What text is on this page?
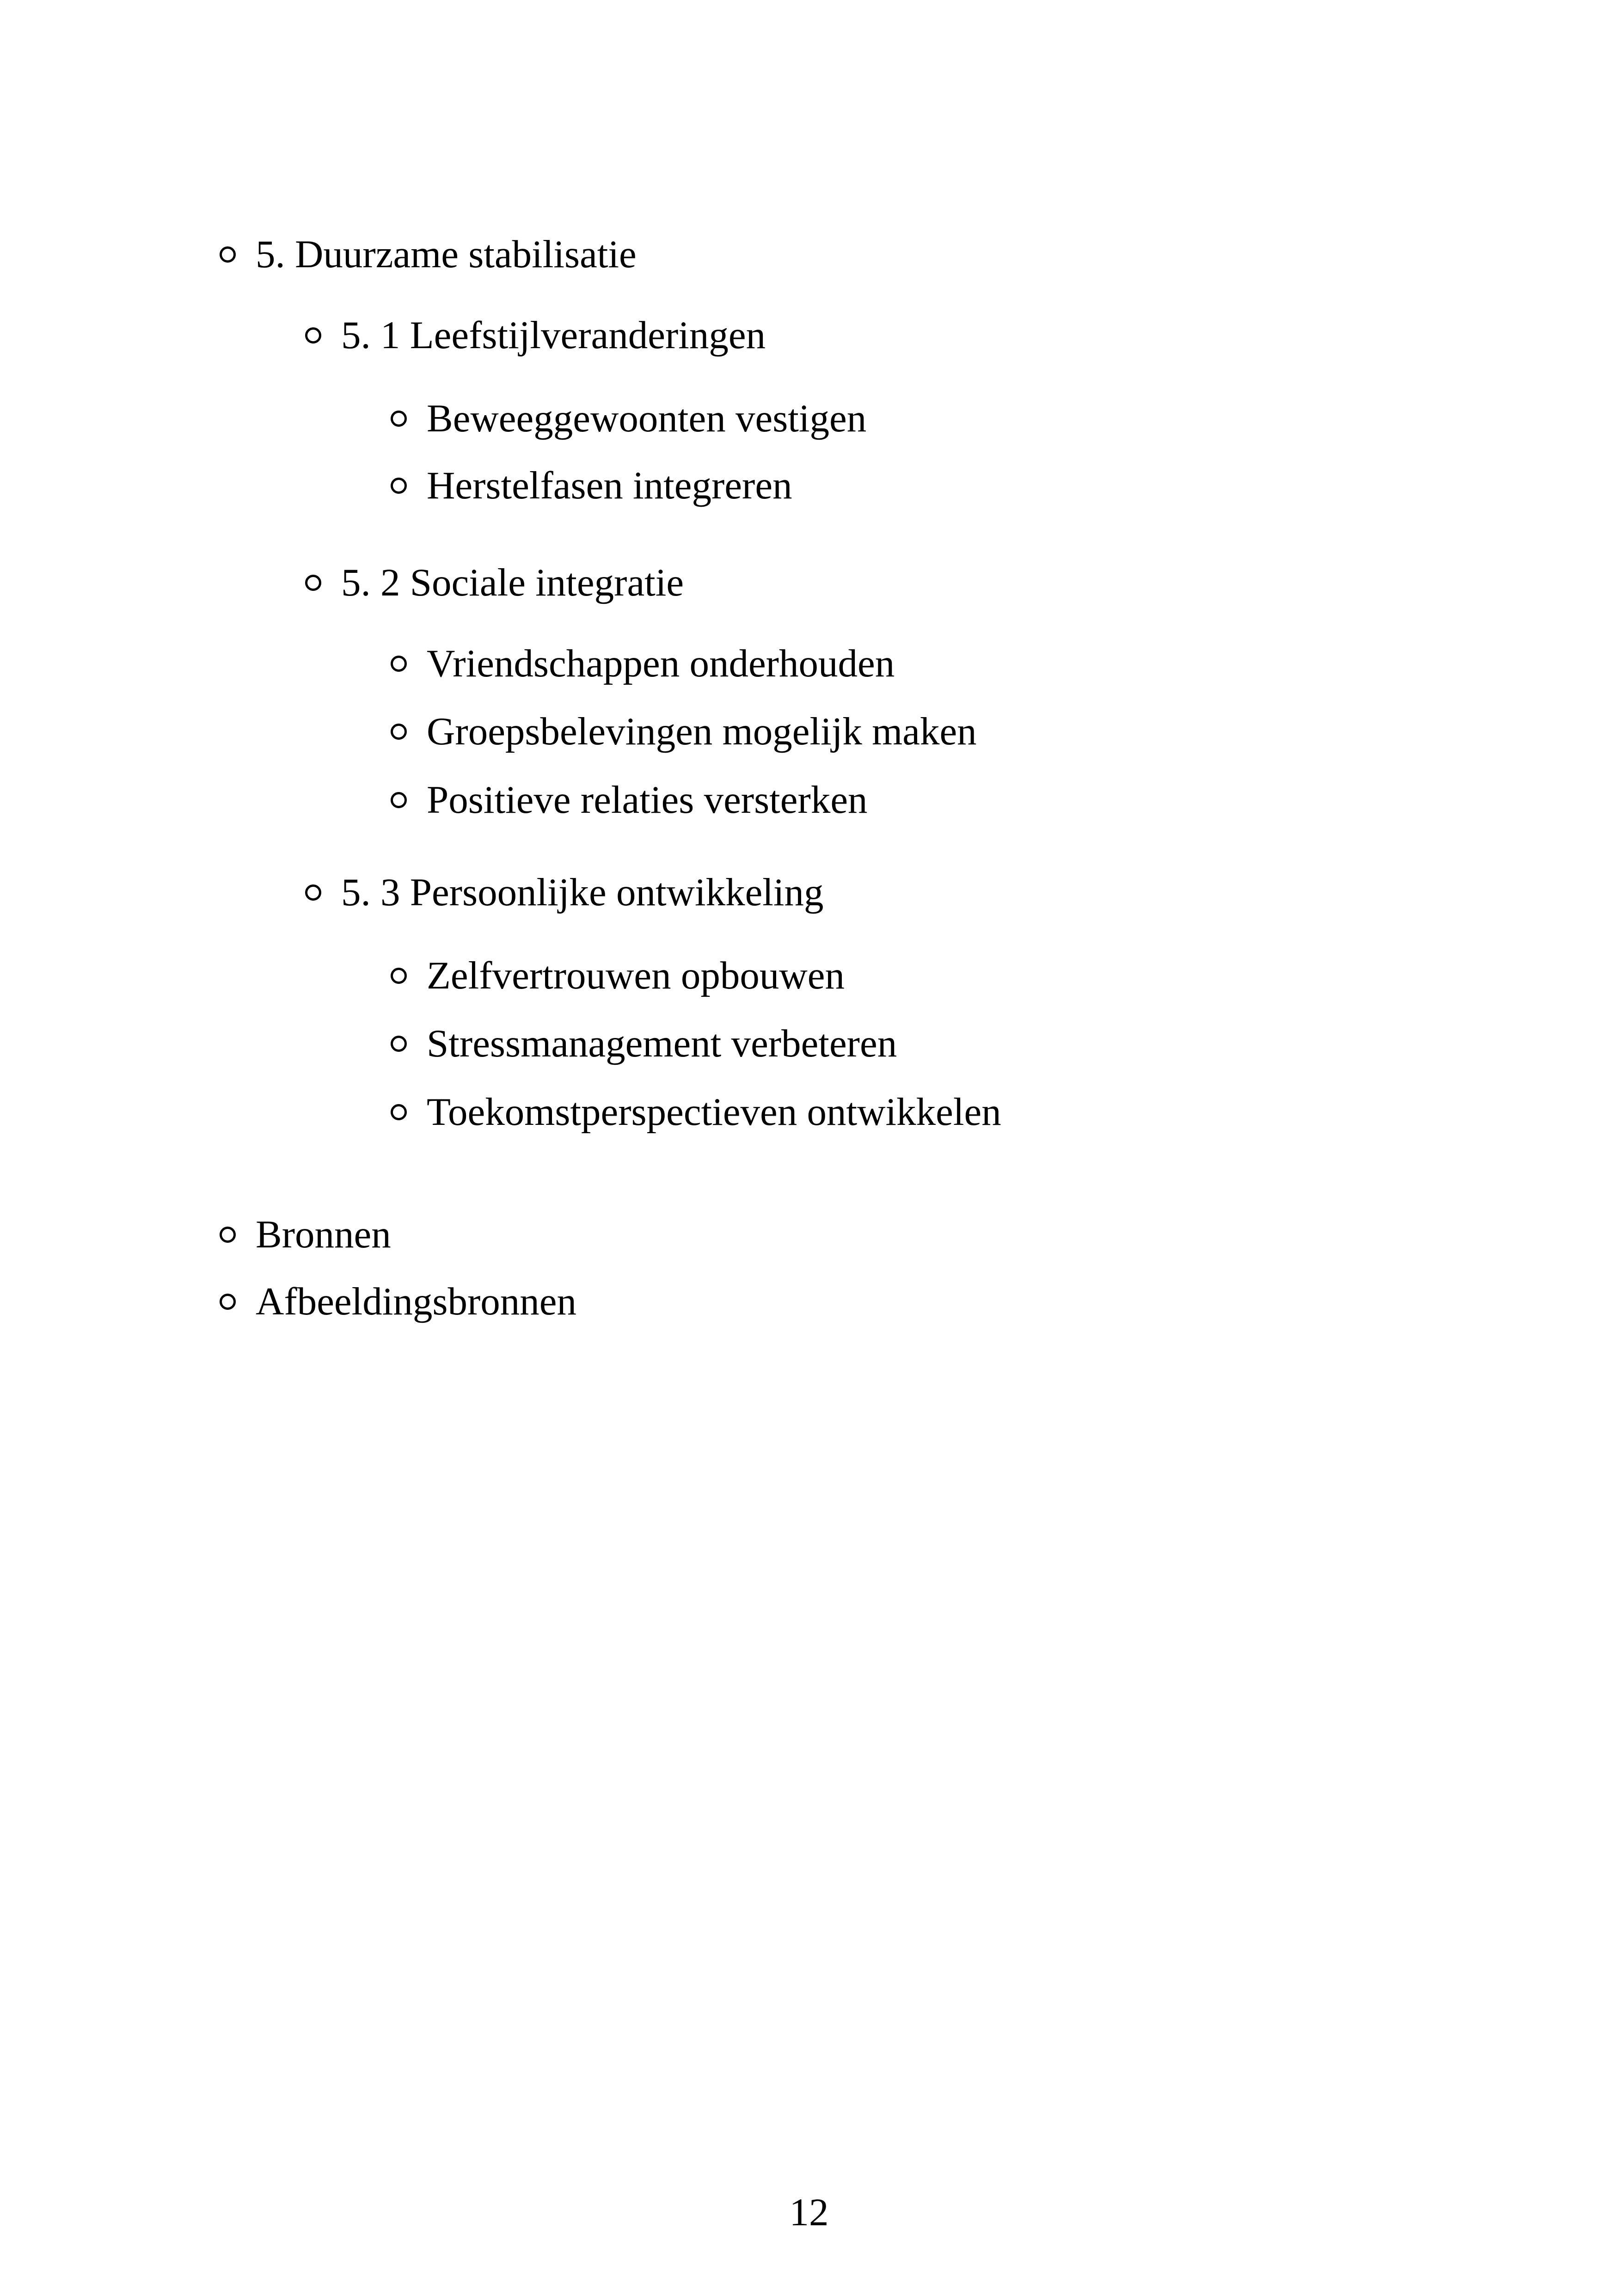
5. Duurzame stabilisatie
5. 1 Leefstijlveranderingen
Beweeggewoonten vestigen
Herstelfasen integreren
5. 2 Sociale integratie
Vriendschappen onderhouden
Groepsbelevingen mogelijk maken
Positieve relaties versterken
5. 3 Persoonlijke ontwikkeling
Zelfvertrouwen opbouwen
Stressmanagement verbeteren
Toekomstperspectieven ontwikkelen
Bronnen
Afbeeldingsbronnen
12
